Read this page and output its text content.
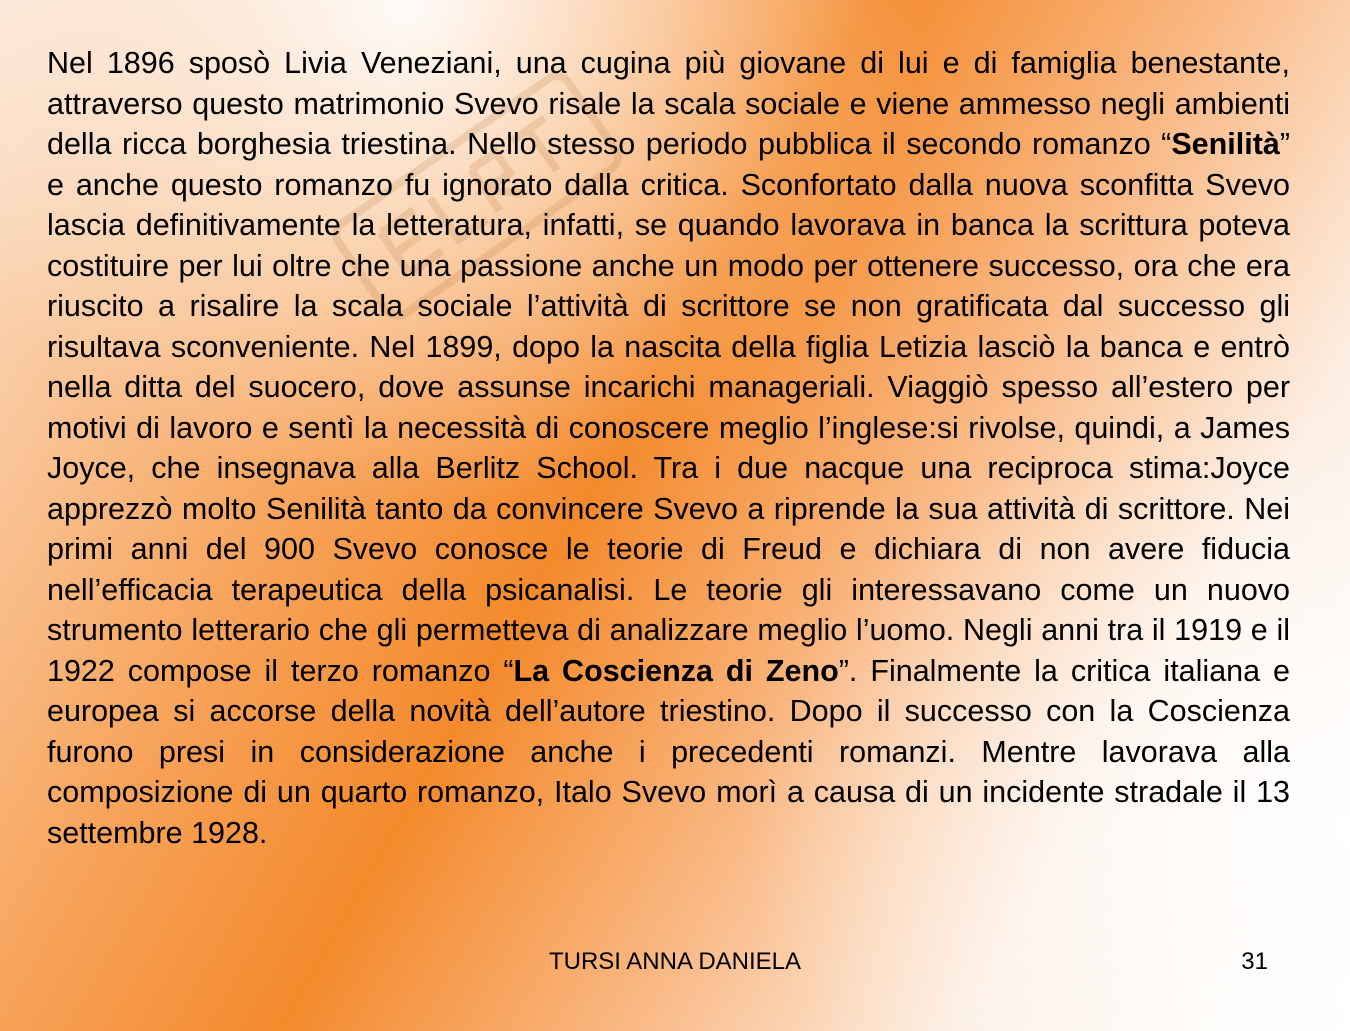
Nel 1896 sposò Livia Veneziani, una cugina più giovane di lui e di famiglia benestante, attraverso questo matrimonio Svevo risale la scala sociale e viene ammesso negli ambienti della ricca borghesia triestina. Nello stesso periodo pubblica il secondo romanzo “Senilità” e anche questo romanzo fu ignorato dalla critica. Sconfortato dalla nuova sconfitta Svevo lascia definitivamente la letteratura, infatti, se quando lavorava in banca la scrittura poteva costituire per lui oltre che una passione anche un modo per ottenere successo, ora che era riuscito a risalire la scala sociale l’attività di scrittore se non gratificata dal successo gli risultava sconveniente. Nel 1899, dopo la nascita della figlia Letizia lasciò la banca e entrò nella ditta del suocero, dove assunse incarichi manageriali. Viaggiò spesso all’estero per motivi di lavoro e sentì la necessità di conoscere meglio l’inglese:si rivolse, quindi, a James Joyce, che insegnava alla Berlitz School. Tra i due nacque una reciproca stima:Joyce apprezzò molto Senilità tanto da convincere Svevo a riprende la sua attività di scrittore. Nei primi anni del 900 Svevo conosce le teorie di Freud e dichiara di non avere fiducia nell’efficacia terapeutica della psicanalisi. Le teorie gli interessavano come un nuovo strumento letterario che gli permetteva di analizzare meglio l’uomo. Negli anni tra il 1919 e il 1922 compose il terzo romanzo “La Coscienza di Zeno”. Finalmente la critica italiana e europea si accorse della novità dell’autore triestino. Dopo il successo con la Coscienza furono presi in considerazione anche i precedenti romanzi. Mentre lavorava alla composizione di un quarto romanzo, Italo Svevo morì a causa di un incidente stradale il 13 settembre 1928.

TURSI ANNA DANIELA	31
